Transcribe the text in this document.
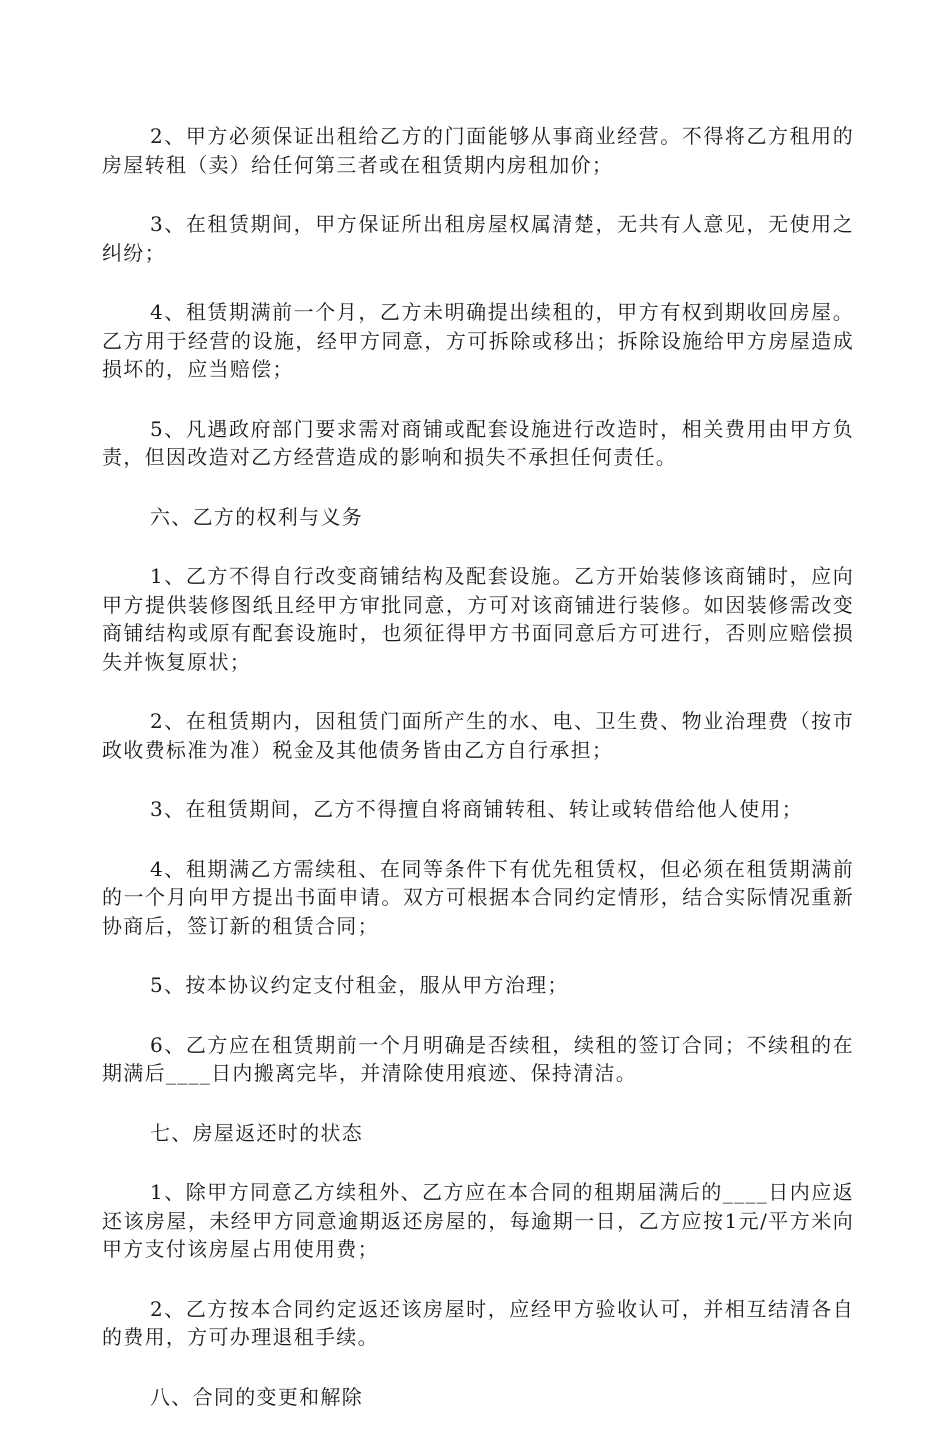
2、甲方必须保证出租给乙方的门面能够从事商业经营。不得将乙方租用的房屋转租（卖）给任何第三者或在租赁期内房租加价；

3、在租赁期间，甲方保证所出租房屋权属清楚，无共有人意见，无使用之纠纷；

4、租赁期满前一个月，乙方未明确提出续租的，甲方有权到期收回房屋。乙方用于经营的设施，经甲方同意，方可拆除或移出；拆除设施给甲方房屋造成损坏的，应当赔偿；

5、凡遇政府部门要求需对商铺或配套设施进行改造时，相关费用由甲方负责，但因改造对乙方经营造成的影响和损失不承担任何责任。

六、乙方的权利与义务

1、乙方不得自行改变商铺结构及配套设施。乙方开始装修该商铺时，应向甲方提供装修图纸且经甲方审批同意，方可对该商铺进行装修。如因装修需改变商铺结构或原有配套设施时，也须征得甲方书面同意后方可进行，否则应赔偿损失并恢复原状；

2、在租赁期内，因租赁门面所产生的水、电、卫生费、物业治理费（按市政收费标准为准）税金及其他债务皆由乙方自行承担；

3、在租赁期间，乙方不得擅自将商铺转租、转让或转借给他人使用；

4、租期满乙方需续租、在同等条件下有优先租赁权，但必须在租赁期满前的一个月向甲方提出书面申请。双方可根据本合同约定情形，结合实际情况重新协商后，签订新的租赁合同；

5、按本协议约定支付租金，服从甲方治理；

6、乙方应在租赁期前一个月明确是否续租，续租的签订合同；不续租的在期满后____日内搬离完毕，并清除使用痕迹、保持清洁。

七、房屋返还时的状态

1、除甲方同意乙方续租外、乙方应在本合同的租期届满后的____日内应返还该房屋，未经甲方同意逾期返还房屋的，每逾期一日，乙方应按1元/平方米向甲方支付该房屋占用使用费；

2、乙方按本合同约定返还该房屋时，应经甲方验收认可，并相互结清各自的费用，方可办理退租手续。

八、合同的变更和解除
